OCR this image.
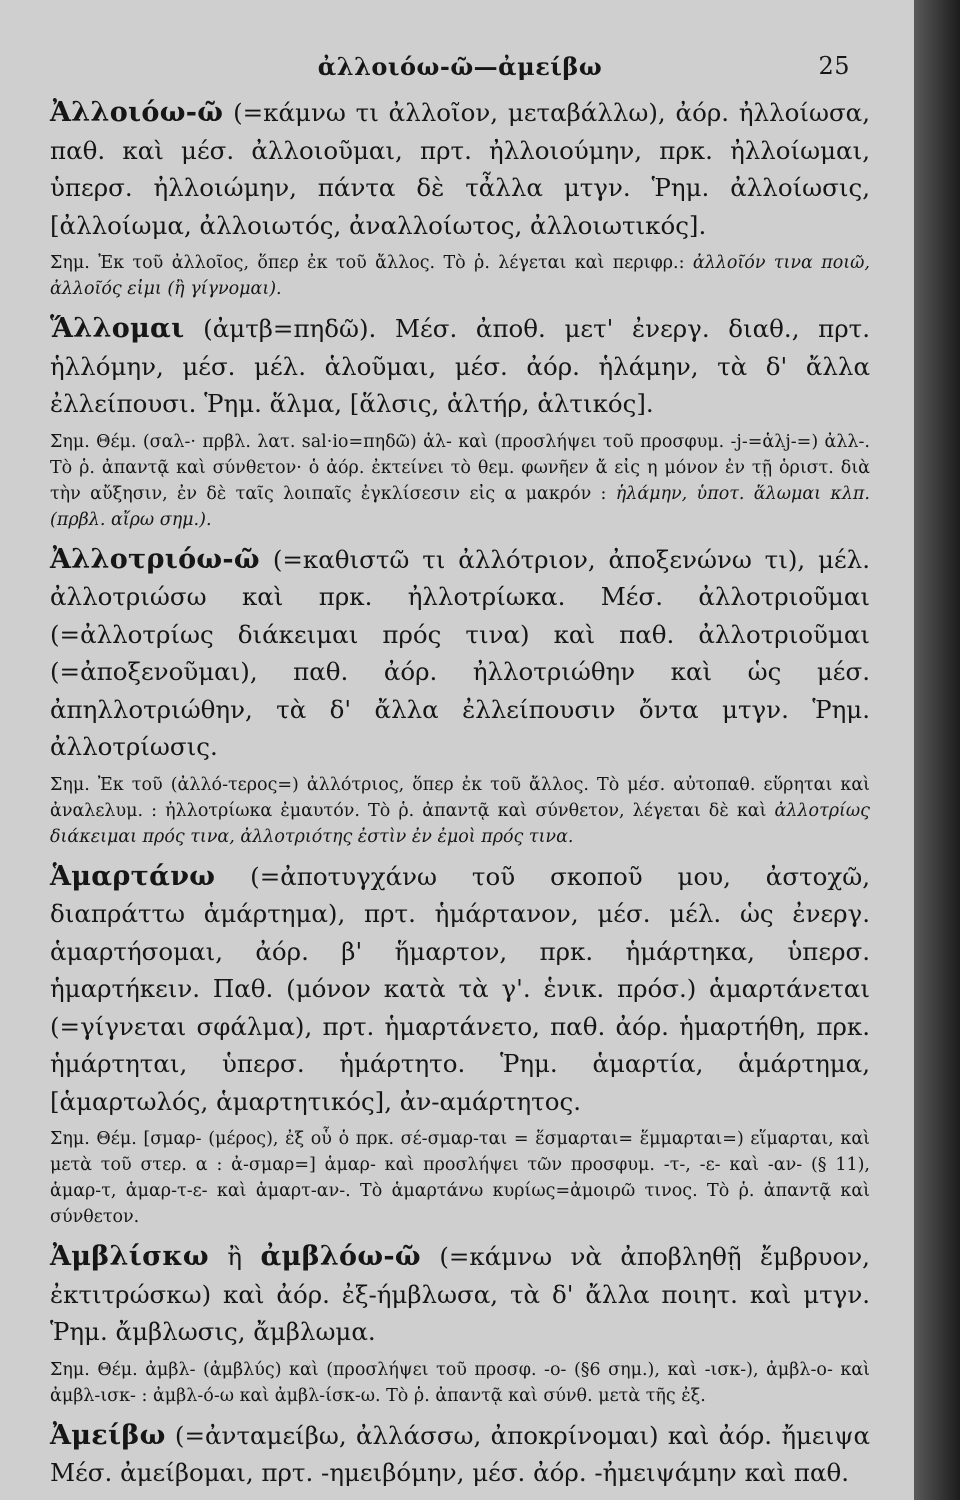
ἀλλοιόω-ῶ—ἀμείβω	25

Ἀλλοιόω-ῶ (=κάμνω τι ἀλλοῖον, μεταβάλλω), ἀόρ. ἠλλοίωσα, παθ. καὶ μέσ. ἀλλοιοῦμαι, πρτ. ἠλλοιούμην, πρκ. ἠλλοίωμαι, ὑπερσ. ἠλλοιώμην, πάντα δὲ τἆλλα μτγν. Ῥημ. ἀλλοίωσις, [ἀλλοίωμα, ἀλλοιωτός, ἀναλλοίωτος, ἀλλοιωτικός].

Σημ. Ἐκ τοῦ ἀλλοῖος, ὅπερ ἐκ τοῦ ἄλλος. Τὸ ῥ. λέγεται καὶ περιφρ.: ἀλλοῖόν τινα ποιῶ, ἀλλοῖός εἰμι (ἢ γίγνομαι).

Ἅλλομαι (ἀμτβ=πηδῶ). Μέσ. ἀποθ. μετ' ἐνεργ. διαθ., πρτ. ἡλλόμην, μέσ. μέλ. ἁλοῦμαι, μέσ. ἀόρ. ἡλάμην, τὰ δ' ἄλλα ἐλλείπουσι. Ῥημ. ἅλμα, [ἅλσις, ἁλτήρ, ἁλτικός].

Σημ. Θέμ. (σαλ-· πρβλ. λατ. sal·io=πηδῶ) ἁλ- καὶ (προσλήψει τοῦ προσφυμ. -j-=ἁλj-=) ἀλλ-. Τὸ ῥ. ἀπαντᾷ καὶ σύνθετον· ὁ ἀόρ. ἐκτείνει τὸ θεμ. φωνῆεν ἄ εἰς η μόνον ἐν τῇ ὁριστ. διὰ τὴν αὔξησιν, ἐν δὲ ταῖς λοιπαῖς ἐγκλίσεσιν εἰς α μακρόν : ἡλάμην, ὑποτ. ἅλωμαι κλπ. (πρβλ. αἴρω σημ.).

Ἀλλοτριόω-ῶ (=καθιστῶ τι ἀλλότριον, ἀποξενώνω τι), μέλ. ἀλλοτριώσω καὶ πρκ. ἠλλοτρίωκα. Μέσ. ἀλλοτριοῦμαι (=ἀλλοτρίως διάκειμαι πρός τινα) καὶ παθ. ἀλλοτριοῦμαι (=ἀποξενοῦμαι), παθ. ἀόρ. ἠλλοτριώθην καὶ ὡς μέσ. ἀπηλλοτριώθην, τὰ δ' ἄλλα ἐλλείπουσιν ὄντα μτγν. Ῥημ. ἀλλοτρίωσις.

Σημ. Ἐκ τοῦ (ἀλλό-τερος=) ἀλλότριος, ὅπερ ἐκ τοῦ ἄλλος. Τὸ μέσ. αὐτοπαθ. εὕρηται καὶ ἀναλελυμ. : ἠλλοτρίωκα ἐμαυτόν. Τὸ ῥ. ἀπαντᾷ καὶ σύνθετον, λέγεται δὲ καὶ ἀλλοτρίως διάκειμαι πρός τινα, ἀλλοτριότης ἐστὶν ἐν ἐμοὶ πρός τινα.

Ἁμαρτάνω (=ἀποτυγχάνω τοῦ σκοποῦ μου, ἀστοχῶ, διαπράττω ἁμάρτημα), πρτ. ἡμάρτανον, μέσ. μέλ. ὡς ἐνεργ. ἁμαρτήσομαι, ἀόρ. β' ἥμαρτον, πρκ. ἡμάρτηκα, ὑπερσ. ἡμαρτήκειν. Παθ. (μόνον κατὰ τὰ γ'. ἑνικ. πρόσ.) ἁμαρτάνεται (=γίγνεται σφάλμα), πρτ. ἡμαρτάνετο, παθ. ἀόρ. ἡμαρτήθη, πρκ. ἡμάρτηται, ὑπερσ. ἡμάρτητο. Ῥημ. ἁμαρτία, ἁμάρτημα, [ἁμαρτωλός, ἁμαρτητικός], ἀν-αμάρτητος.

Σημ. Θέμ. [σμαρ- (μέρος), ἐξ οὗ ὁ πρκ. σέ-σμαρ-ται = ἕσμαρται= ἕμμαρται=) εἵμαρται, καὶ μετὰ τοῦ στερ. α : ἀ-σμαρ=] ἁμαρ- καὶ προσλήψει τῶν προσφυμ. -τ-, -ε- καὶ -αν- (§ 11), ἁμαρ-τ, ἁμαρ-τ-ε- καὶ ἁμαρτ-αν-. Τὸ ἁμαρτάνω κυρίως=ἀμοιρῶ τινος. Τὸ ῥ. ἀπαντᾷ καὶ σύνθετον.

Ἀμβλίσκω ἢ ἀμβλόω-ῶ (=κάμνω νὰ ἀποβληθῇ ἔμβρυον, ἐκτιτρώσκω) καὶ ἀόρ. ἐξ-ήμβλωσα, τὰ δ' ἄλλα ποιητ. καὶ μτγν. Ῥημ. ἄμβλωσις, ἄμβλωμα.

Σημ. Θέμ. ἀμβλ- (ἀμβλύς) καὶ (προσλήψει τοῦ προσφ. -ο- (§6 σημ.), καὶ -ισκ-), ἀμβλ-ο- καὶ ἀμβλ-ισκ- : ἀμβλ-ό-ω καὶ ἀμβλ-ίσκ-ω. Τὸ ῥ. ἀπαντᾷ καὶ σύνθ. μετὰ τῆς ἐξ.

Ἀμείβω (=ἀνταμείβω, ἀλλάσσω, ἀποκρίνομαι) καὶ ἀόρ. ἤμειψα Μέσ. ἀμείβομαι, πρτ. -ημειβόμην, μέσ. ἀόρ. -ἠμειψάμην καὶ παθ.
